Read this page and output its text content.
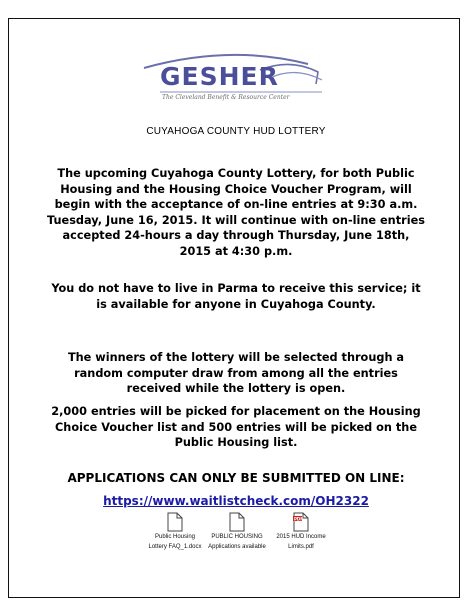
GESHER
The Cleveland Benefit & Resource Center
CUYAHOGA COUNTY HUD LOTTERY
The upcoming Cuyahoga County Lottery, for both Public Housing and the Housing Choice Voucher Program, will begin with the acceptance of on-line entries at 9:30 a.m. Tuesday, June 16, 2015. It will continue with on-line entries accepted 24-hours a day through Thursday, June 18th, 2015 at 4:30 p.m.
You do not have to live in Parma to receive this service; it is available for anyone in Cuyahoga County.
The winners of the lottery will be selected through a random computer draw from among all the entries received while the lottery is open.
2,000 entries will be picked for placement on the Housing Choice Voucher list and 500 entries will be picked on the Public Housing list.
APPLICATIONS CAN ONLY BE SUBMITTED ON LINE:
https://www.waitlistcheck.com/OH2322
Public Housing
Lottery FAQ_1.docx
PUBLIC HOUSING
Applications available
PDF
2015 HUD Income
Limits.pdf
